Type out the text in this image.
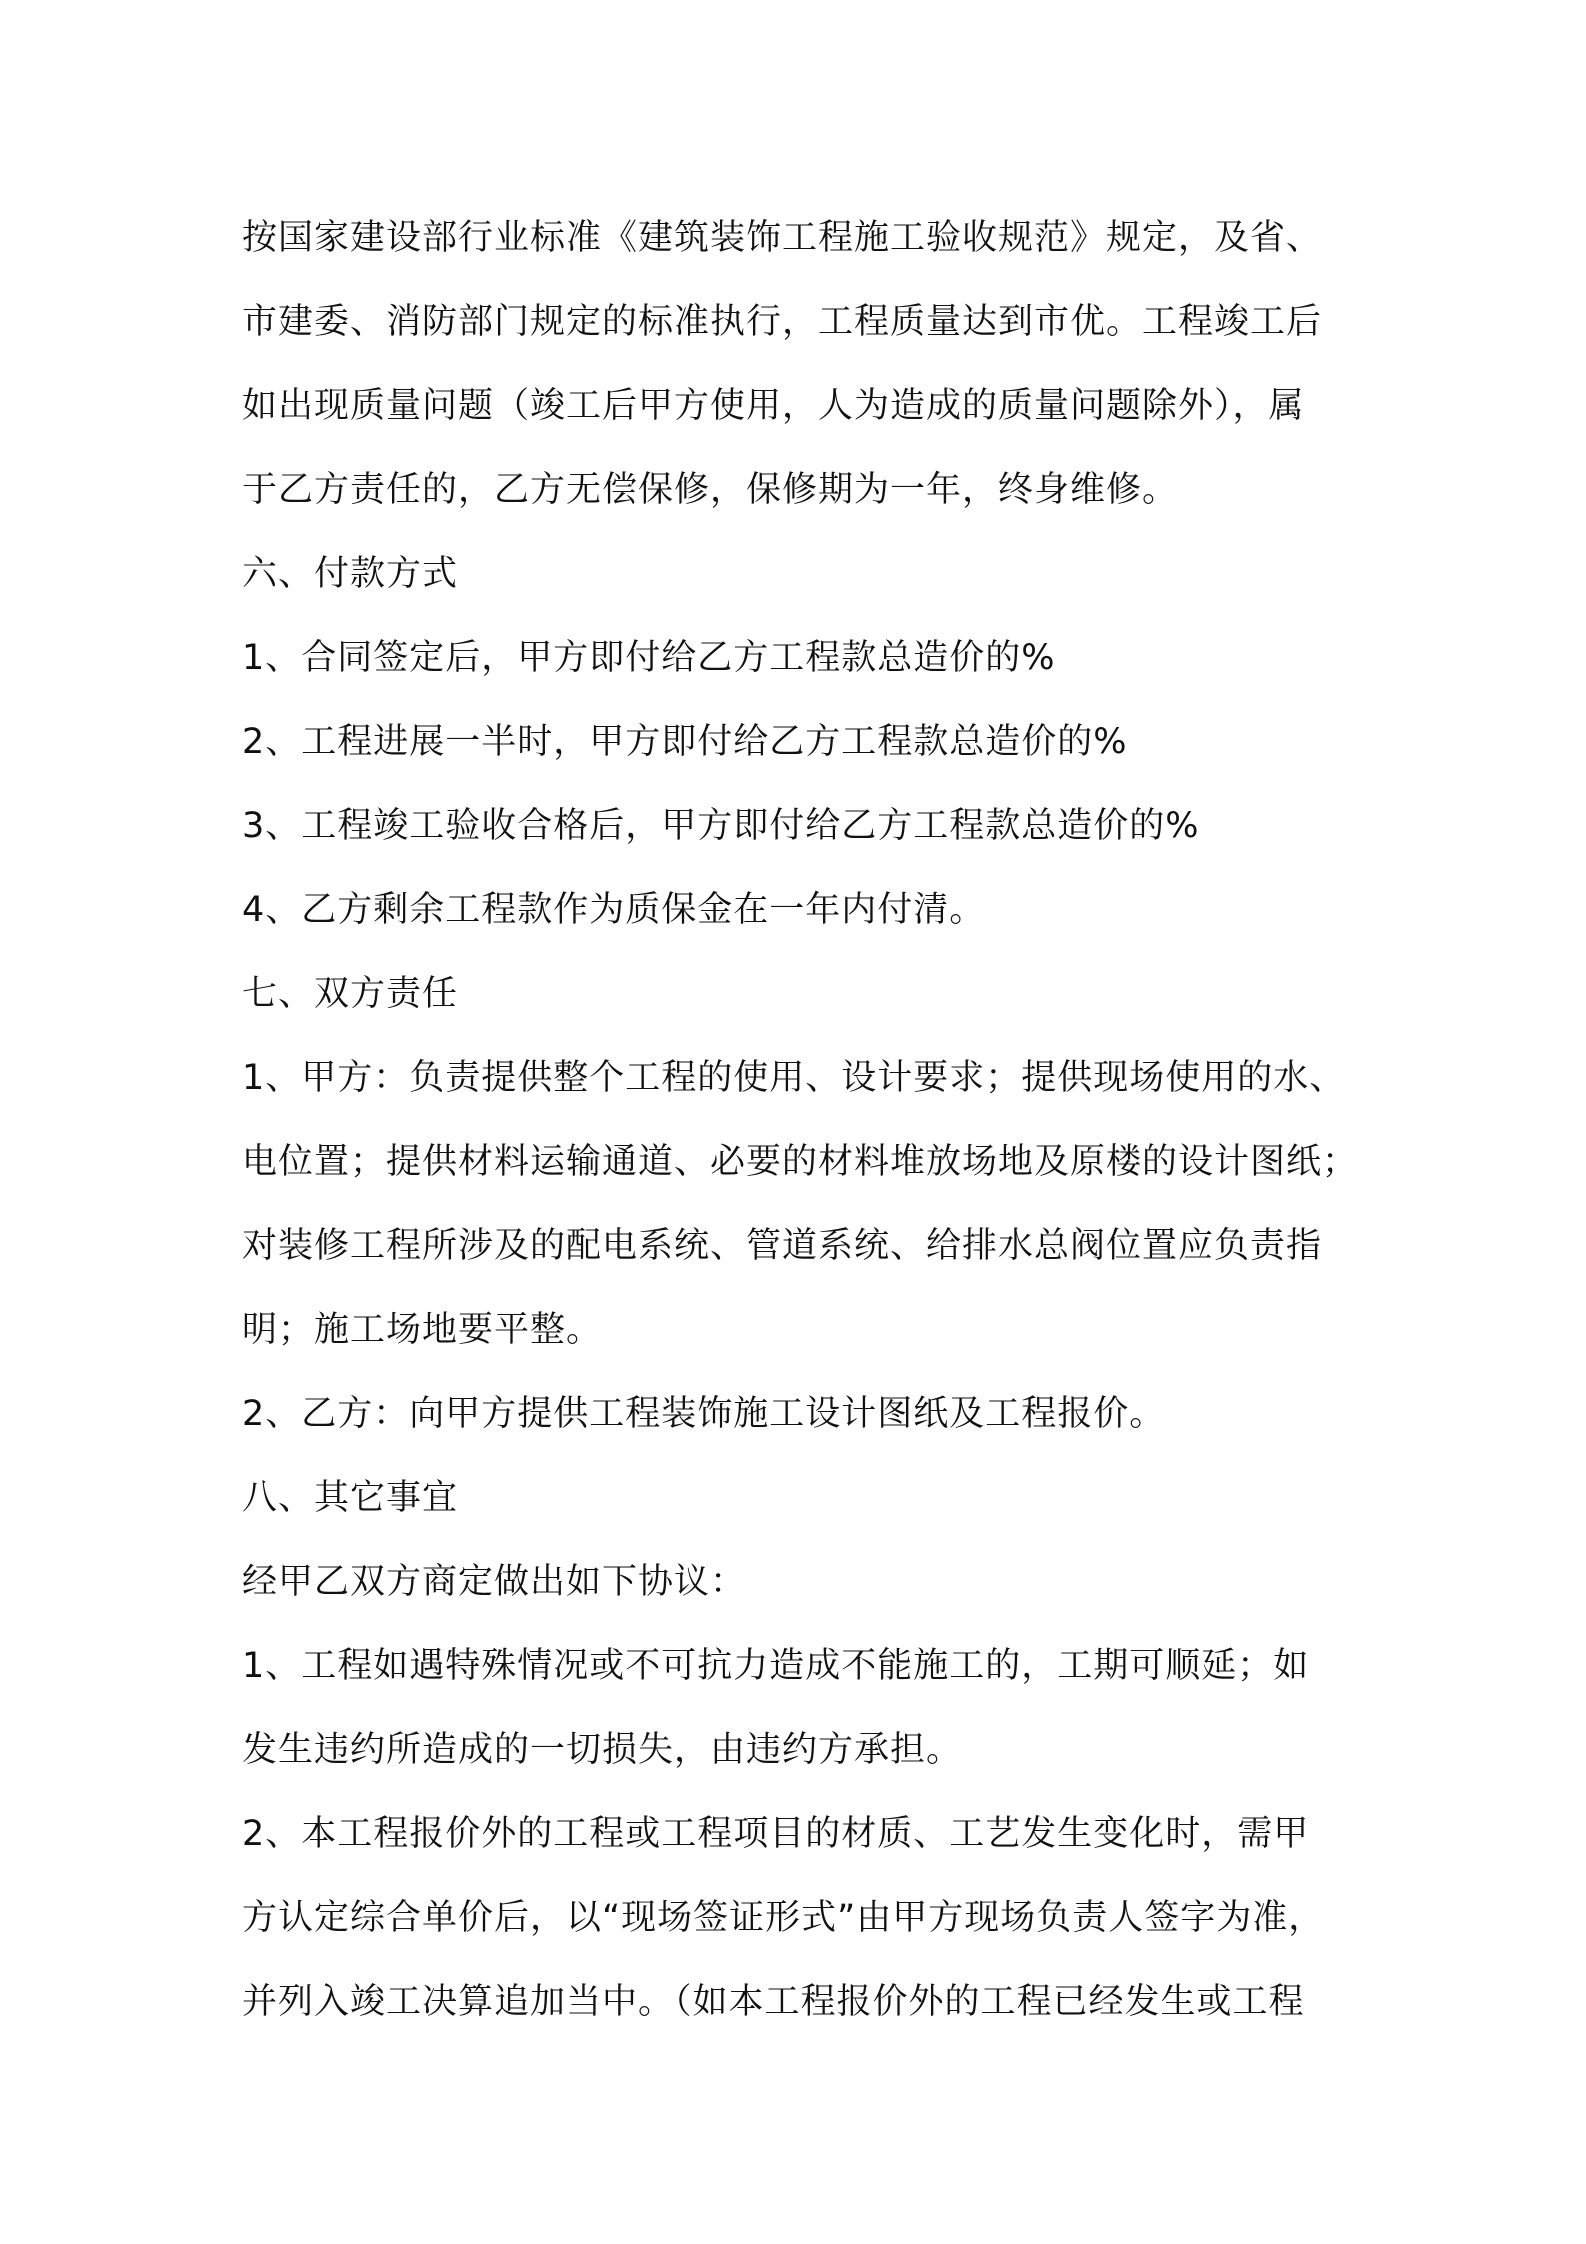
按国家建设部行业标准《建筑装饰工程施工验收规范》规定，及省、
市建委、消防部门规定的标准执行，工程质量达到市优。工程竣工后
如出现质量问题（竣工后甲方使用，人为造成的质量问题除外），属
于乙方责任的，乙方无偿保修，保修期为一年，终身维修。
六、付款方式
1、合同签定后，甲方即付给乙方工程款总造价的%
2、工程进展一半时，甲方即付给乙方工程款总造价的%
3、工程竣工验收合格后，甲方即付给乙方工程款总造价的%
4、乙方剩余工程款作为质保金在一年内付清。
七、双方责任
1、甲方：负责提供整个工程的使用、设计要求；提供现场使用的水、
电位置；提供材料运输通道、必要的材料堆放场地及原楼的设计图纸；
对装修工程所涉及的配电系统、管道系统、给排水总阀位置应负责指
明；施工场地要平整。
2、乙方：向甲方提供工程装饰施工设计图纸及工程报价。
八、其它事宜
经甲乙双方商定做出如下协议：
1、工程如遇特殊情况或不可抗力造成不能施工的，工期可顺延；如
发生违约所造成的一切损失，由违约方承担。
2、本工程报价外的工程或工程项目的材质、工艺发生变化时，需甲
方认定综合单价后，以“现场签证形式”由甲方现场负责人签字为准，
并列入竣工决算追加当中。（如本工程报价外的工程已经发生或工程
